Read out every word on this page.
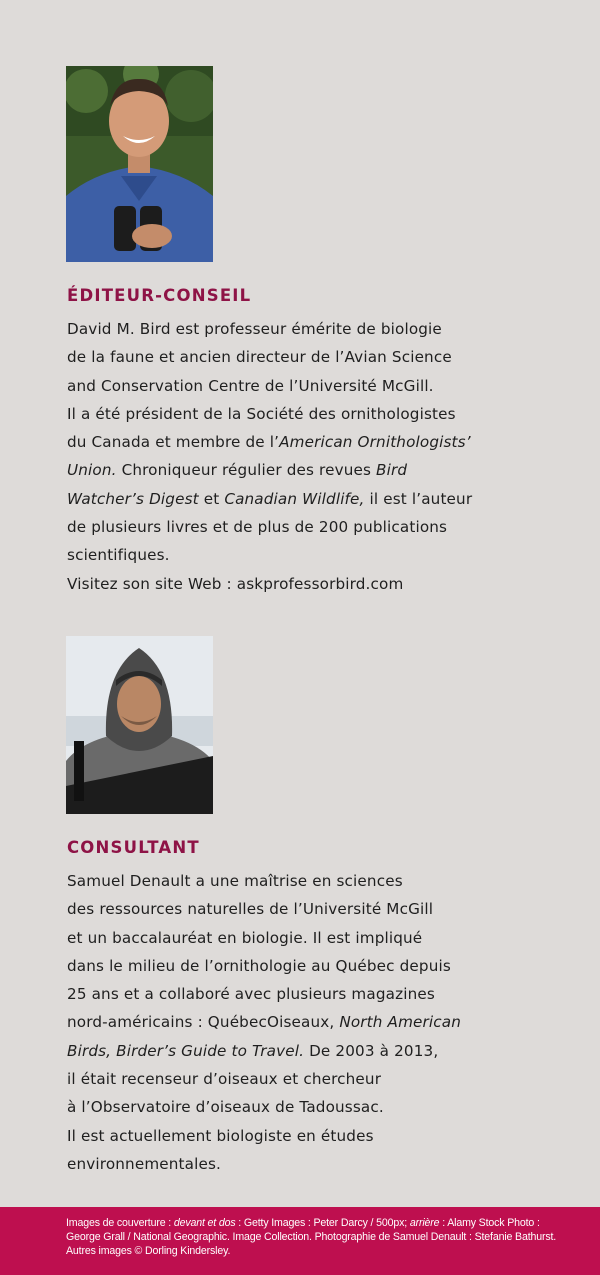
ÉDITEUR-CONSEIL
David M. Bird est professeur émérite de biologie
de la faune et ancien directeur de l’Avian Science
and Conservation Centre de l’Université McGill.
Il a été président de la Société des ornithologistes
du Canada et membre de l’American Ornithologists’
Union. Chroniqueur régulier des revues Bird
Watcher’s Digest et Canadian Wildlife, il est l’auteur
de plusieurs livres et de plus de 200 publications
scientifiques.
Visitez son site Web : askprofessorbird.com
CONSULTANT
Samuel Denault a une maîtrise en sciences
des ressources naturelles de l’Université McGill
et un baccalauréat en biologie. Il est impliqué
dans le milieu de l’ornithologie au Québec depuis
25 ans et a collaboré avec plusieurs magazines
nord-américains : QuébecOiseaux, North American
Birds, Birder’s Guide to Travel. De 2003 à 2013,
il était recenseur d’oiseaux et chercheur
à l’Observatoire d’oiseaux de Tadoussac.
Il est actuellement biologiste en études
environnementales.
Images de couverture : devant et dos : Getty Images : Peter Darcy / 500px; arrière : Alamy Stock Photo :
George Grall / National Geographic. Image Collection. Photographie de Samuel Denault : Stefanie Bathurst.
Autres images © Dorling Kindersley.
